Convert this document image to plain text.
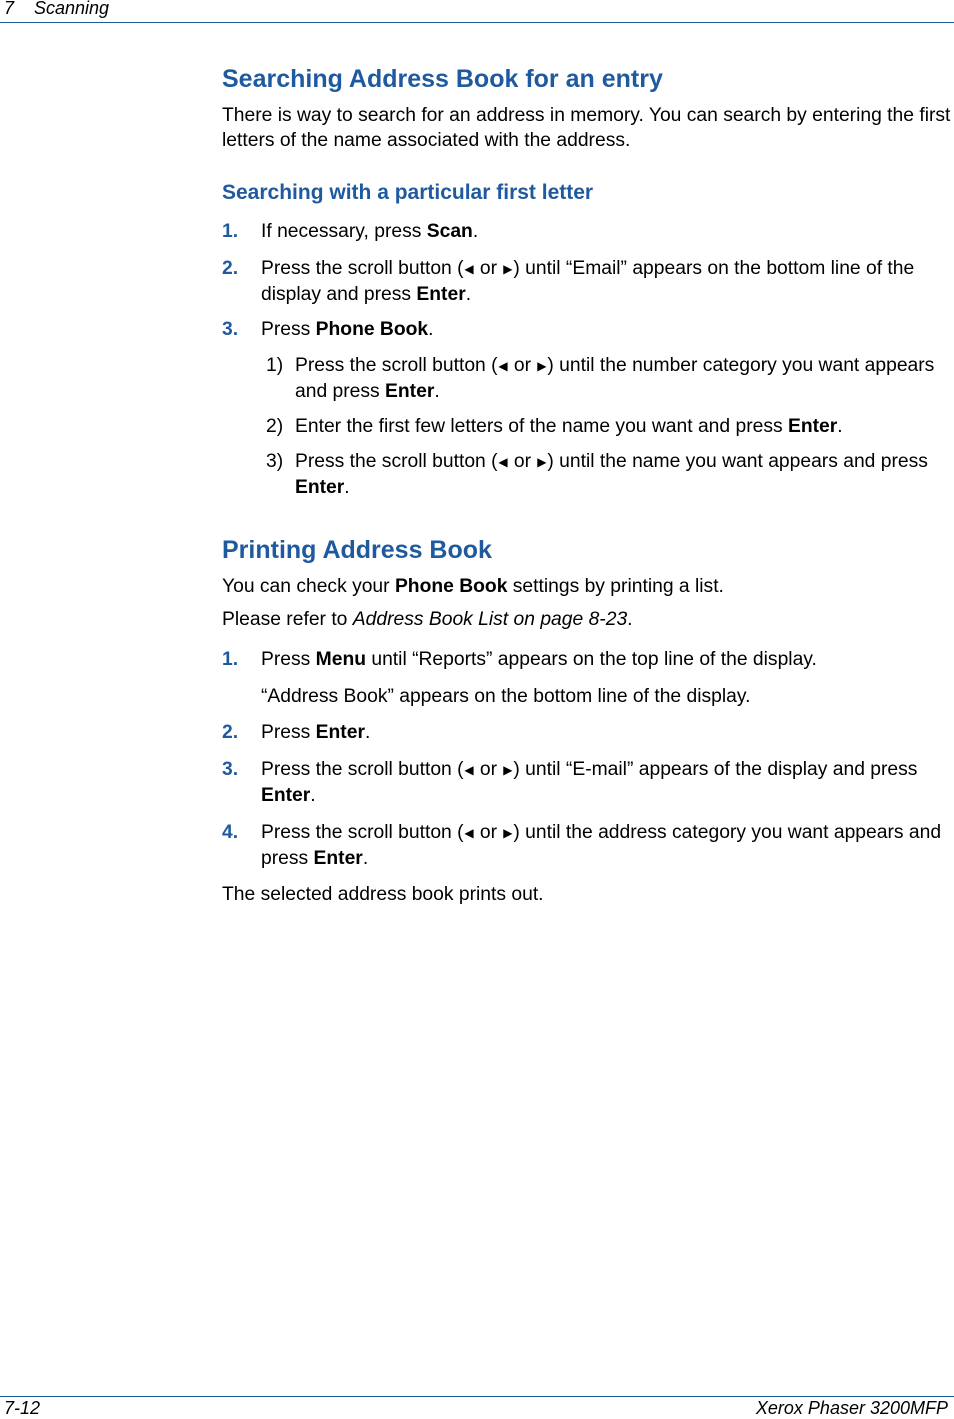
7 Scanning
Searching Address Book for an entry

There is way to search for an address in memory. You can search by entering the first letters of the name associated with the address.

Searching with a particular first letter
1. If necessary, press Scan.
2. Press the scroll button (◀ or ▶) until “Email” appears on the bottom line of the display and press Enter.
3. Press Phone Book.
1) Press the scroll button (◀ or ▶) until the number category you want appears and press Enter.
2) Enter the first few letters of the name you want and press Enter.
3) Press the scroll button (◀ or ▶) until the name you want appears and press Enter.
Printing Address Book

You can check your Phone Book settings by printing a list.

Please refer to Address Book List on page 8-23.

1. Press Menu until “Reports” appears on the top line of the display.

“Address Book” appears on the bottom line of the display.

2. Press Enter.
3. Press the scroll button (◀ or ▶) until “E-mail” appears of the display and press Enter.
4. Press the scroll button (◀ or ▶) until the address category you want appears and press Enter.

The selected address book prints out.

7-12	Xerox Phaser 3200MFP
